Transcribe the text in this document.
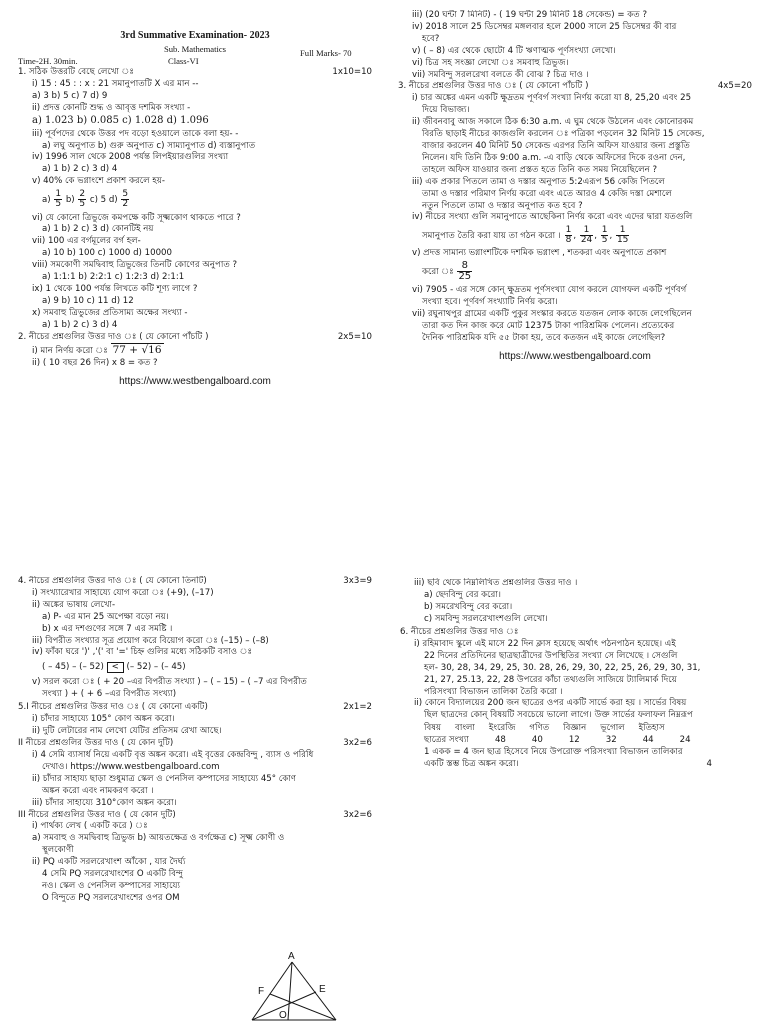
3rd Summative Examination- 2023

Sub. Mathematics

Time-2H. 30min.	Class-VI
Full Marks- 70

1. সঠিক উত্তরটি বেছে লেখো ঃ	1x10=10

i) 15 : 45 : : x : 21 সমানুপাতটি X এর মান --

a) 3 b) 5 c) 7 d) 9

ii) প্রদত্ত কোনটি শুদ্ধ ও আবৃত্ত দশমিক সংখ্যা -

a) 1.023 b) 0.085 c) 1.028 d) 1.096

iii) পূর্বপদের থেকে উত্তর পদ বড়ো হওয়ালে তাকে বলা হয়- -

a) লঘু অনুপাত b) গুরু অনুপাত c) সাম্যানুপাত d) ব্যস্তানুপাত

iv) 1996 সাল থেকে 2008 পর্যন্ত লিপইয়ারগুলির সংখ্যা

a) 1 b) 2 c) 3 d) 4

v) 40% কে ভগ্নাংশে প্রকাশ করলে হয়-

$a) \frac{1}{5} b) \frac{2}{5} c$) 5 $d) \frac{5}{2}$

vi) যে কোনো ত্রিভুজে কমপক্ষে কটি সূক্ষ্মকোণ থাকতে পারে ?

a) 1 b) 2 c) 3 d) কোনটিই নয়

vii) 100 এর বর্গমূলের বর্গ হল-

a) 10 b) 100 c) 1000 d) 10000

viii) সমকোণী সমদ্বিবাহু ত্রিভুজের তিনটি কোণের অনুপাত ?

a) 1:1:1 b) 2:2:1 c) 1:2:3 d) 2:1:1

ix) 1 থেকে 100 পর্যন্ত লিখতে কটি শূণ্য লাগে ?

a) 9 b) 10 c) 11 d) 12

x) সমবাহু ত্রিভুজের প্রতিসাম্য অক্ষের সংখ্যা -

a) 1 b) 2 c) 3 d) 4

2. নীচের প্রশ্নগুলির উত্তর দাও ঃ ( যে কোনো পাঁচটি )	2x5=10

i) মান নির্ণয় করো ঃ 77 + √16

ii) ( 10 বছর 26 দিন) x 8 = কত ?

https://www.westbengalboard.com

iii) (20 ঘন্টা 7 মিনিট) - ( 19 ঘন্টা 29 মিনিট 18 সেকেন্ড) = কত ?

iv) 2018 সালে 25 ডিসেম্বর মঙ্গলবার হলে 2000 সালে 25 ডিসেম্বর কী বার

হবে?

v) ( – 8) এর থেকে ছোটো 4 টি ঋণাত্মক পূর্ণসংখ্যা লেখো।

vi) চিত্র সহ সংজ্ঞা লেখো ঃ সমবাহু ত্রিভুজ।

vii) সমবিন্দু সরলরেখা বলতে কী বোঝ ? চিত্র দাও ।

3. নীচের প্রশ্নগুলির উত্তর দাও ঃ ( যে কোনো পাঁচটি )	4x5=20

i) চার অঙ্কের এমন একটি ক্ষুদ্রতম পূর্ণবর্গ সংখ্যা নির্ণয় করো যা 8, 25,20 এবং 25

দিয়ে বিভাজ্য।

ii) জীবনবাবু আজ সকালে ঠিক 6:30 a.m. এ ঘুম থেকে উঠলেন এবং কোনোরকম

বিরতি ছাড়াই নীচের কাজগুলি করলেন ঃ পত্রিকা পড়লেন 32 মিনিট 15 সেকেন্ড,

বাজার করলেন 40 মিনিট 50 সেকেন্ড এরপর তিনি অফিস যাওয়ার জন্য প্রস্তুতি

নিলেন। যদি তিনি ঠিক 9:00 a.m. -এ বাড়ি থেকে অফিসের দিকে রওনা দেন,

তাহলে অফিস যাওয়ার জন্য প্রস্তত হতে তিনি কত সময় নিয়েছিলেন ?

iii) এক প্রকার পিতলে তামা ও দস্তার অনুপাত 5:2এরূপ 56 কেজি পিতলে

তামা ও দস্তার পরিমাণ নির্ণয় করো এবং এতে আরও 4 কেজি দস্তা মেশালে

নতুন পিতলে তামা ও দস্তার অনুপাত কত হবে ?

iv) নীচের সংখ্যা গুলি সমানুপাতে আছেকিনা নির্ণয় করো এবং এদের দ্বারা যতগুলি

সমানুপাত তৈরি করা যায় তা গঠন করো । $\frac{1}{8}$ , $\frac{1}{24}$ , $\frac{1}{5}$ , $\frac{1}{15}$

v) প্রদত্ত সামান্য ভগ্নাংশটিকে দশমিক ভগ্নাংশ , শতকরা এবং অনুপাতে প্রকাশ

করো ঃ $\frac{8}{25}$

vi) 7905 - এর সঙ্গে কোন্ ক্ষুদ্রতম পূর্ণসংখ্যা যোগ করলে যোগফল একটি পূর্ণবর্গ

সংখ্যা হবে। পূর্ণবর্গ সংখ্যাটি নির্ণয় করো।

vii) রঘুনাথপুর গ্রামের একটি পুকুর সংস্কার করতে যতজন লোক কাজে লেগেছিলেন

তারা কত দিন কাজ করে মোট 12375 টাকা পারিশ্রমিক পেলেন। প্রত্যেকের

দৈনিক পারিশ্রমিক যদি ৫৫ টাকা হয়, তবে কতজন এই কাজে লেগেছিল?

https://www.westbengalboard.com

4. নীচের প্রশ্নগুলির উত্তর দাও ঃ ( যে কোনো তিনটি)	3x3=9

i) সংখ্যারেখার সাহায্যে যোগ করো ঃ (+9), (–17)

ii) অঙ্কের ভাষায় লেখো-

a) P- এর মান 25 অপেক্ষা বড়ো নয়।

b) x এর দশগুণের সঙ্গে 7 এর সমষ্টি ।

iii) বিপরীত সংখ্যার সূত্র প্রয়োগ করে বিয়োগ করো ঃ (–15) – (–8)

iv) ফাঁকা ঘরে ')' ,'(' বা '=' চিহ্ন গুলির মধ্যে সঠিকটি বসাও ঃ

( – 45) – (– 52) < (– 52) – (– 45)

v) সরল করো ঃ ( + 20 –এর বিপরীত সংখ্যা ) – ( – 15) – ( –7 এর বিপরীত

সংখ্যা ) + ( + 6 –এর বিপরীত সংখ্যা)

5.I নীচের প্রশ্নগুলির উত্তর দাও ঃ ( যে কোনো একটি)	2x1=2

i) চাঁদার সাহায্যে 105° কোণ অঙ্কন করো।

ii) দুটি লেটারের নাম লেখো যেটির প্রতিসম রেখা আছে।

II নীচের প্রশ্নগুলির উত্তর দাও ( যে কোন দুটি)	3x2=6

i) 4 সেমি ব্যাসার্ধ নিয়ে একটি বৃত্ত অঙ্কন করো। এই বৃত্তের কেন্দ্রবিন্দু , ব্যাস ও পরিধি

দেখাও। https://www.westbengalboard.com

ii) চাঁদার সাহায্য ছাড়া শুধুমাত্র স্কেল ও পেনসিল কম্পাসের সাহায্যে 45° কোণ

অঙ্কন করো এবং নামকরণ করো ।

iii) চাঁদার সাহায্যে 310°কোণ অঙ্কন করো।

III নীচের প্রশ্নগুলির উত্তর দাও ( যে কোন দুটি)	3x2=6

i) পার্থক্য লেখ ( একটি করে ) ঃ

a) সমবাহু ও সমদ্বিবাহু ত্রিভুজ b) আয়তক্ষেত্র ও বর্গক্ষেত্র c) সূক্ষ্ম কোণী ও

স্থূলকোণী

ii) PQ একটি সরলরেখাংশ আঁকো , যার দৈর্ঘ্য

4 সেমি PQ সরলরেখাংশের O একটি বিন্দু

নও। স্কেল ও পেনসিল কম্পাসের সাহায্যে

O বিন্দুতে PQ সরলরেখাংশের ওপর OM

A
F	E
O

iii) ছবি থেকে নিম্নলিখিত প্রশ্নগুলির উত্তর দাও ।

a) ছেদবিন্দু বের করো।

b) সমরেখবিন্দু বের করো।

c) সমবিন্দু সরলরেখাংশগুলি লেখো।

6. নীচের প্রশ্নগুলির উত্তর দাও ঃ

i) রহিমাবাদ স্কুলে এই মাসে 22 দিন ক্লাস হয়েছে অর্থাৎ পঠনপাঠন হয়েছে। এই

22 দিনের প্রতিদিনের ছাত্রছাত্রীদের উপস্থিতির সংখ্যা সে লিখেছে । সেগুলি

হল- 30, 28, 34, 29, 25, 30. 28, 26, 29, 30, 22, 25, 26, 29, 30, 31,

21, 27, 25.13, 22, 28 উপরের কাঁচা তথ্যগুলি সাজিয়ে ট্যালিমার্ক দিয়ে

পরিসংখ্যা বিভাজন তালিকা তৈরি করো ।

ii) কোনে বিদ্যালয়ের 200 জন ছাত্রের ওপর একটি সার্ভে করা হয় । সার্ভের বিষয়

ছিল ছাত্রদের কোন্ বিষয়টি সবচেয়ে ভালো লাগে। উক্ত সার্ভের ফলাফল নিম্নরূপ

বিষয় বাংলা ইংরেজি গণিত বিজ্ঞান ভূগোল ইতিহাস
ছাত্রের সংখ্যা	48	40	12	32	44	24

1 একক = 4 জন ছাত্র হিসেবে নিয়ে উপরোক্ত পরিসংখ্যা বিভাজন তালিকার

একটি স্তম্ভ চিত্র অঙ্কন করো।	4
